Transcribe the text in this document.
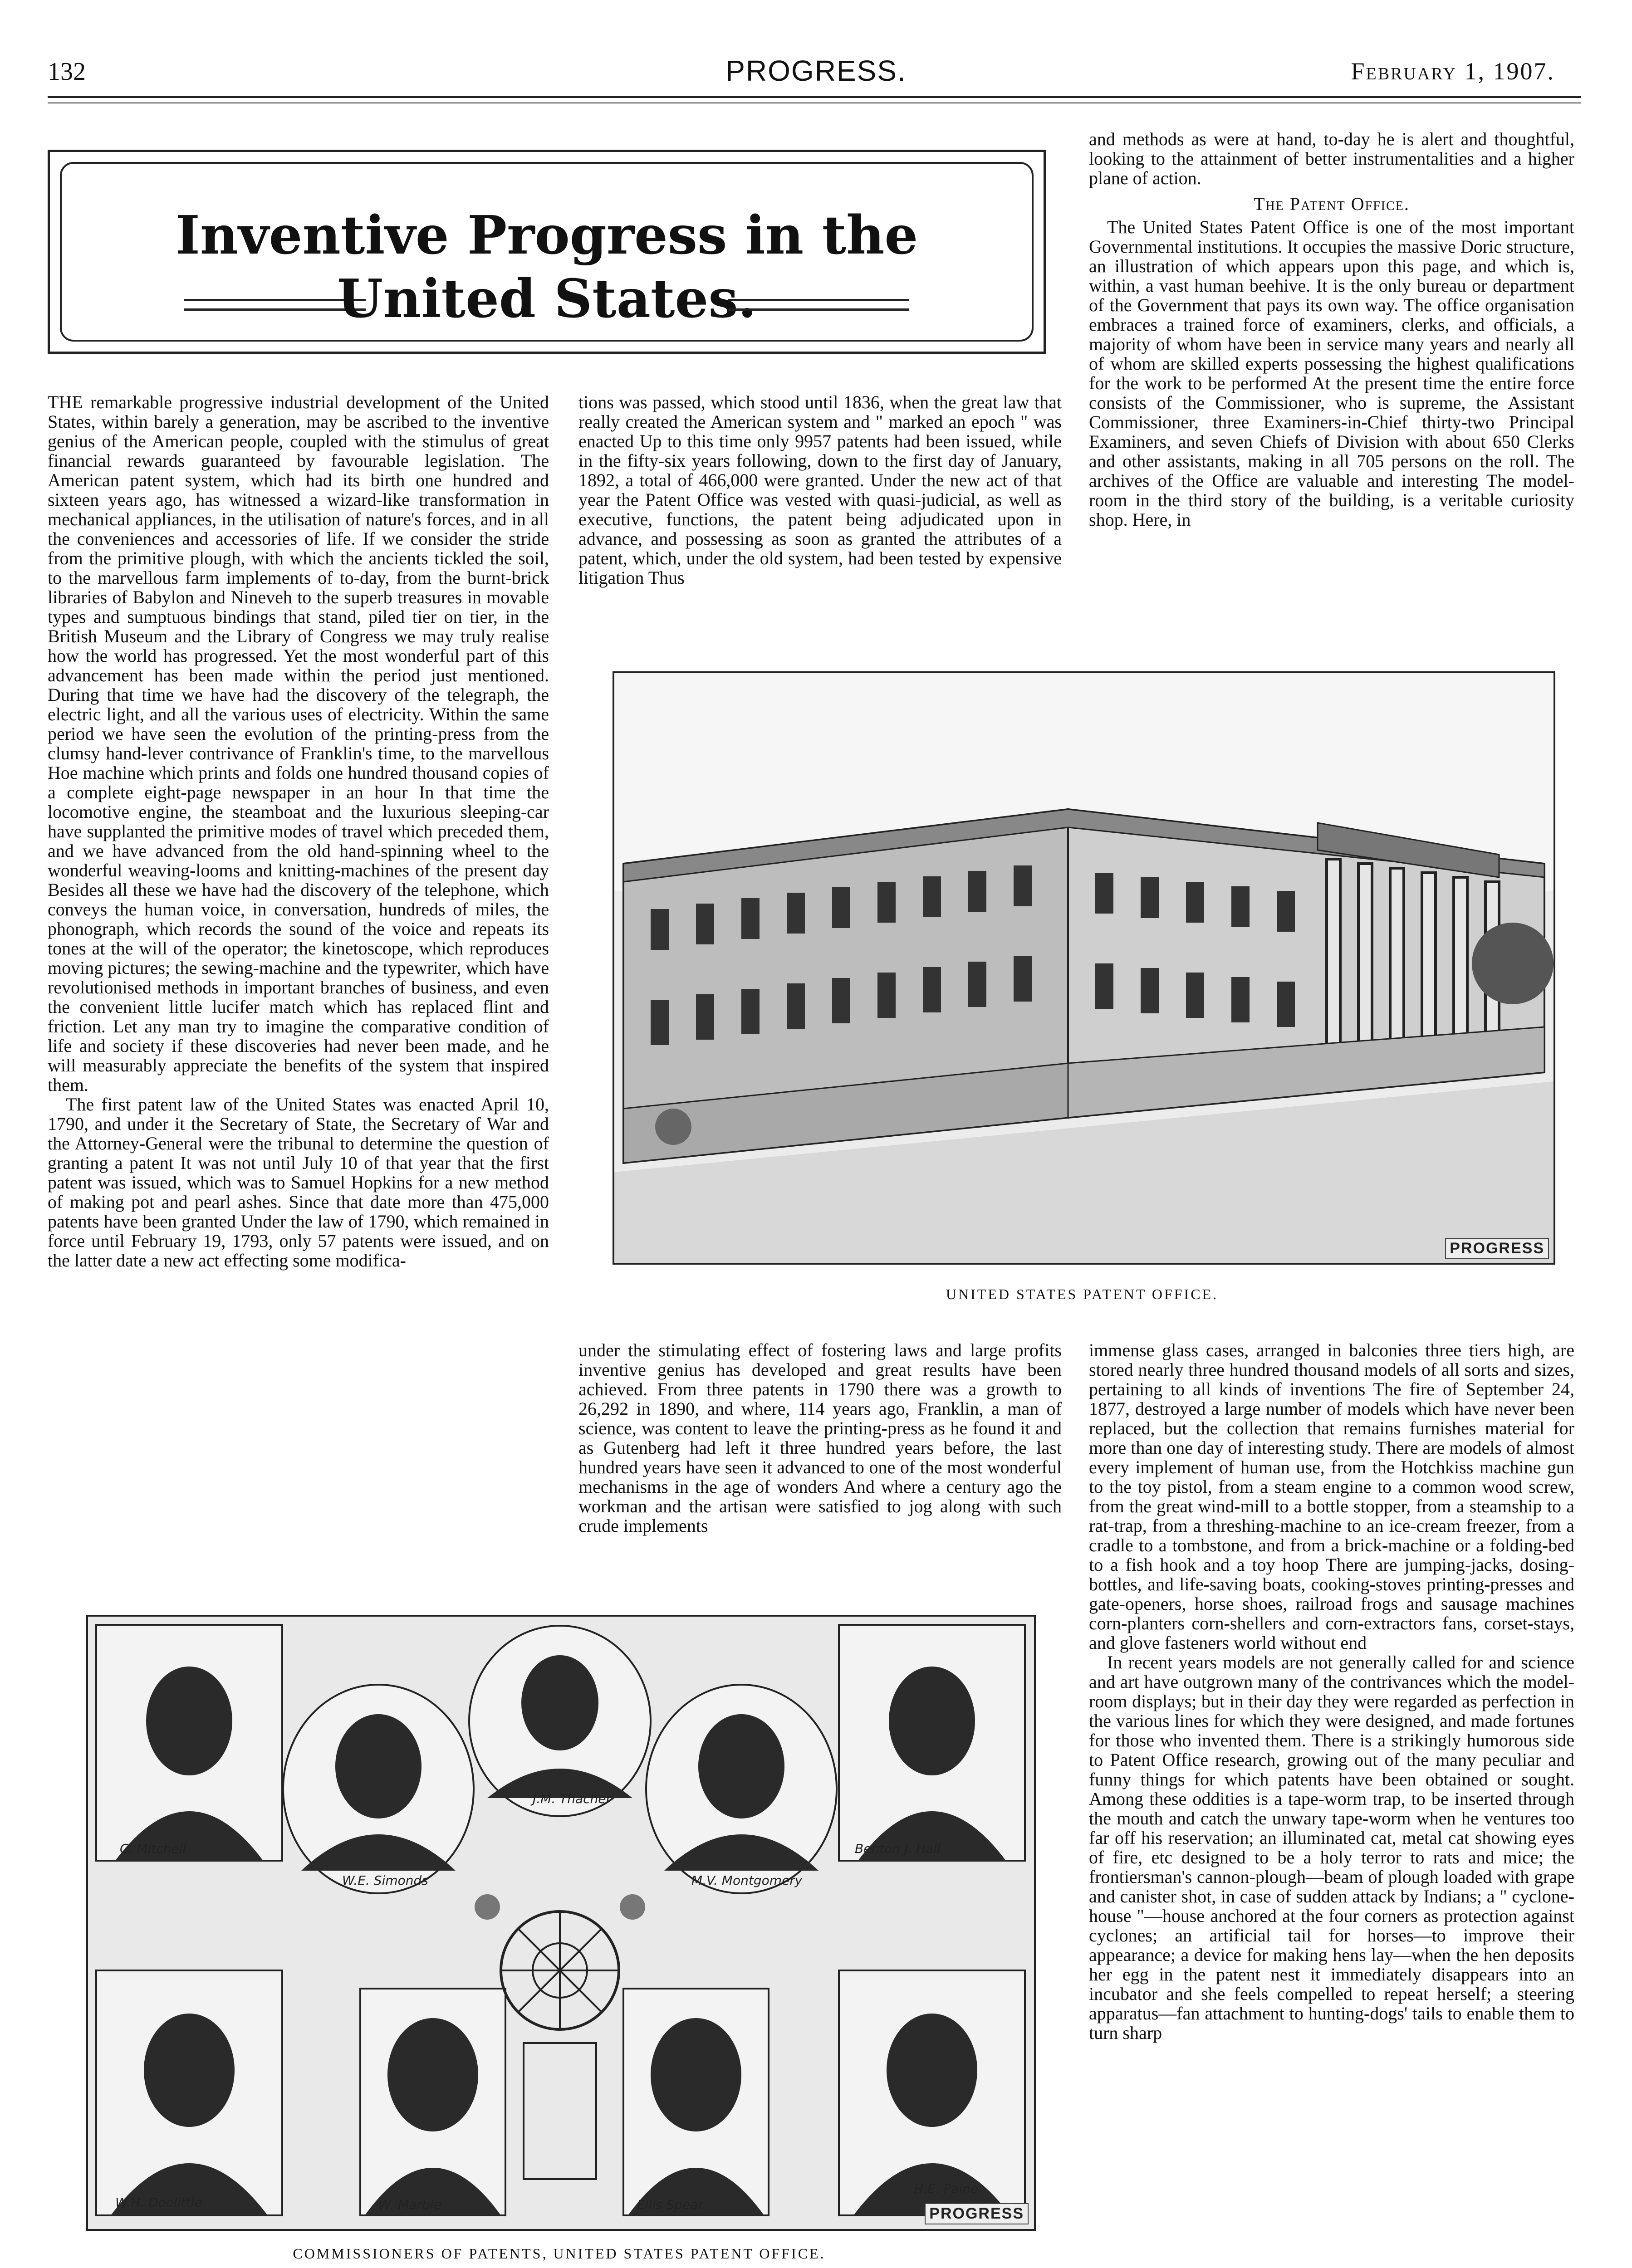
132	PROGRESS.	February 1, 1907.
Inventive Progress in the
United States.

THE remarkable progressive industrial development of the United States, within barely a generation, may be ascribed to the inventive genius of the American people, coupled with the stimulus of great financial rewards guaranteed by favourable legislation. The American patent system, which had its birth one hundred and sixteen years ago, has witnessed a wizard-like transformation in mechanical appliances, in the utilisation of nature's forces, and in all the conveniences and accessories of life. If we consider the stride from the primitive plough, with which the ancients tickled the soil, to the marvellous farm implements of to-day, from the burnt-brick libraries of Babylon and Nineveh to the superb treasures in movable types and sumptuous bindings that stand, piled tier on tier, in the British Museum and the Library of Congress we may truly realise how the world has progressed. Yet the most wonderful part of this advancement has been made within the period just mentioned. During that time we have had the discovery of the telegraph, the electric light, and all the various uses of electricity. Within the same period we have seen the evolution of the printing-press from the clumsy hand-lever contrivance of Franklin's time, to the marvellous Hoe machine which prints and folds one hundred thousand copies of a complete eight-page newspaper in an hour In that time the locomotive engine, the steamboat and the luxurious sleeping-car have supplanted the primitive modes of travel which preceded them, and we have advanced from the old hand-spinning wheel to the wonderful weaving-looms and knitting-machines of the present day Besides all these we have had the discovery of the telephone, which conveys the human voice, in conversation, hundreds of miles, the phonograph, which records the sound of the voice and repeats its tones at the will of the operator; the kinetoscope, which reproduces moving pictures; the sewing-machine and the typewriter, which have revolutionised methods in important branches of business, and even the convenient little lucifer match which has replaced flint and friction. Let any man try to imagine the comparative condition of life and society if these discoveries had never been made, and he will measurably appreciate the benefits of the system that inspired them.

The first patent law of the United States was enacted April 10, 1790, and under it the Secretary of State, the Secretary of War and the Attorney-General were the tribunal to determine the question of granting a patent It was not until July 10 of that year that the first patent was issued, which was to Samuel Hopkins for a new method of making pot and pearl ashes. Since that date more than 475,000 patents have been granted Under the law of 1790, which remained in force until February 19, 1793, only 57 patents were issued, and on the latter date a new act effecting some modifica-

tions was passed, which stood until 1836, when the great law that really created the American system and " marked an epoch " was enacted Up to this time only 9957 patents had been issued, while in the fifty-six years following, down to the first day of January, 1892, a total of 466,000 were granted. Under the new act of that year the Patent Office was vested with quasi-judicial, as well as executive, functions, the patent being adjudicated upon in advance, and possessing as soon as granted the attributes of a patent, which, under the old system, had been tested by expensive litigation Thus

and methods as were at hand, to-day he is alert and thoughtful, looking to the attainment of better instrumentalities and a higher plane of action.

The Patent Office.

The United States Patent Office is one of the most important Governmental institutions. It occupies the massive Doric structure, an illustration of which appears upon this page, and which is, within, a vast human beehive. It is the only bureau or department of the Government that pays its own way. The office organisation embraces a trained force of examiners, clerks, and officials, a majority of whom have been in service many years and nearly all of whom are skilled experts possessing the highest qualifications for the work to be performed At the present time the entire force consists of the Commissioner, who is supreme, the Assistant Commissioner, three Examiners-in-Chief thirty-two Principal Examiners, and seven Chiefs of Division with about 650 Clerks and other assistants, making in all 705 persons on the roll. The archives of the Office are valuable and interesting The model-room in the third story of the building, is a veritable curiosity shop. Here, in

PROGRESS
UNITED STATES PATENT OFFICE.

under the stimulating effect of fostering laws and large profits inventive genius has developed and great results have been achieved. From three patents in 1790 there was a growth to 26,292 in 1890, and where, 114 years ago, Franklin, a man of science, was content to leave the printing-press as he found it and as Gutenberg had left it three hundred years before, the last hundred years have seen it advanced to one of the most wonderful mechanisms in the age of wonders And where a century ago the workman and the artisan were satisfied to jog along with such crude implements

immense glass cases, arranged in balconies three tiers high, are stored nearly three hundred thousand models of all sorts and sizes, pertaining to all kinds of inventions The fire of September 24, 1877, destroyed a large number of models which have never been replaced, but the collection that remains furnishes material for more than one day of interesting study. There are models of almost every implement of human use, from the Hotchkiss machine gun to the toy pistol, from a steam engine to a common wood screw, from the great wind-mill to a bottle stopper, from a steamship to a rat-trap, from a threshing-machine to an ice-cream freezer, from a cradle to a tombstone, and from a brick-machine or a folding-bed to a fish hook and a toy hoop There are jumping-jacks, dosing-bottles, and life-saving boats, cooking-stoves printing-presses and gate-openers, horse shoes, railroad frogs and sausage machines corn-planters corn-shellers and corn-extractors fans, corset-stays, and glove fasteners world without end

In recent years models are not generally called for and science and art have outgrown many of the contrivances which the model-room displays; but in their day they were regarded as perfection in the various lines for which they were designed, and made fortunes for those who invented them. There is a strikingly humorous side to Patent Office research, growing out of the many peculiar and funny things for which patents have been obtained or sought. Among these oddities is a tape-worm trap, to be inserted through the mouth and catch the unwary tape-worm when he ventures too far off his reservation; an illuminated cat, metal cat showing eyes of fire, etc designed to be a holy terror to rats and mice; the frontiersman's cannon-plough—beam of plough loaded with grape and canister shot, in case of sudden attack by Indians; a " cyclone-house "—house anchored at the four corners as protection against cyclones; an artificial tail for horses—to improve their appearance; a device for making hens lay—when the hen deposits her egg in the patent nest it immediately disappears into an incubator and she feels compelled to repeat herself; a steering apparatus—fan attachment to hunting-dogs' tails to enable them to turn sharp

C. Mitchell
W.E. Simonds
J.M. Thacher
Benton J. Hall
M.V. Montgomery
W.H. Doolittle	W. Marble	Ellis Spear
H.E. Paine
PROGRESS
COMMISSIONERS OF PATENTS, UNITED STATES PATENT OFFICE.
